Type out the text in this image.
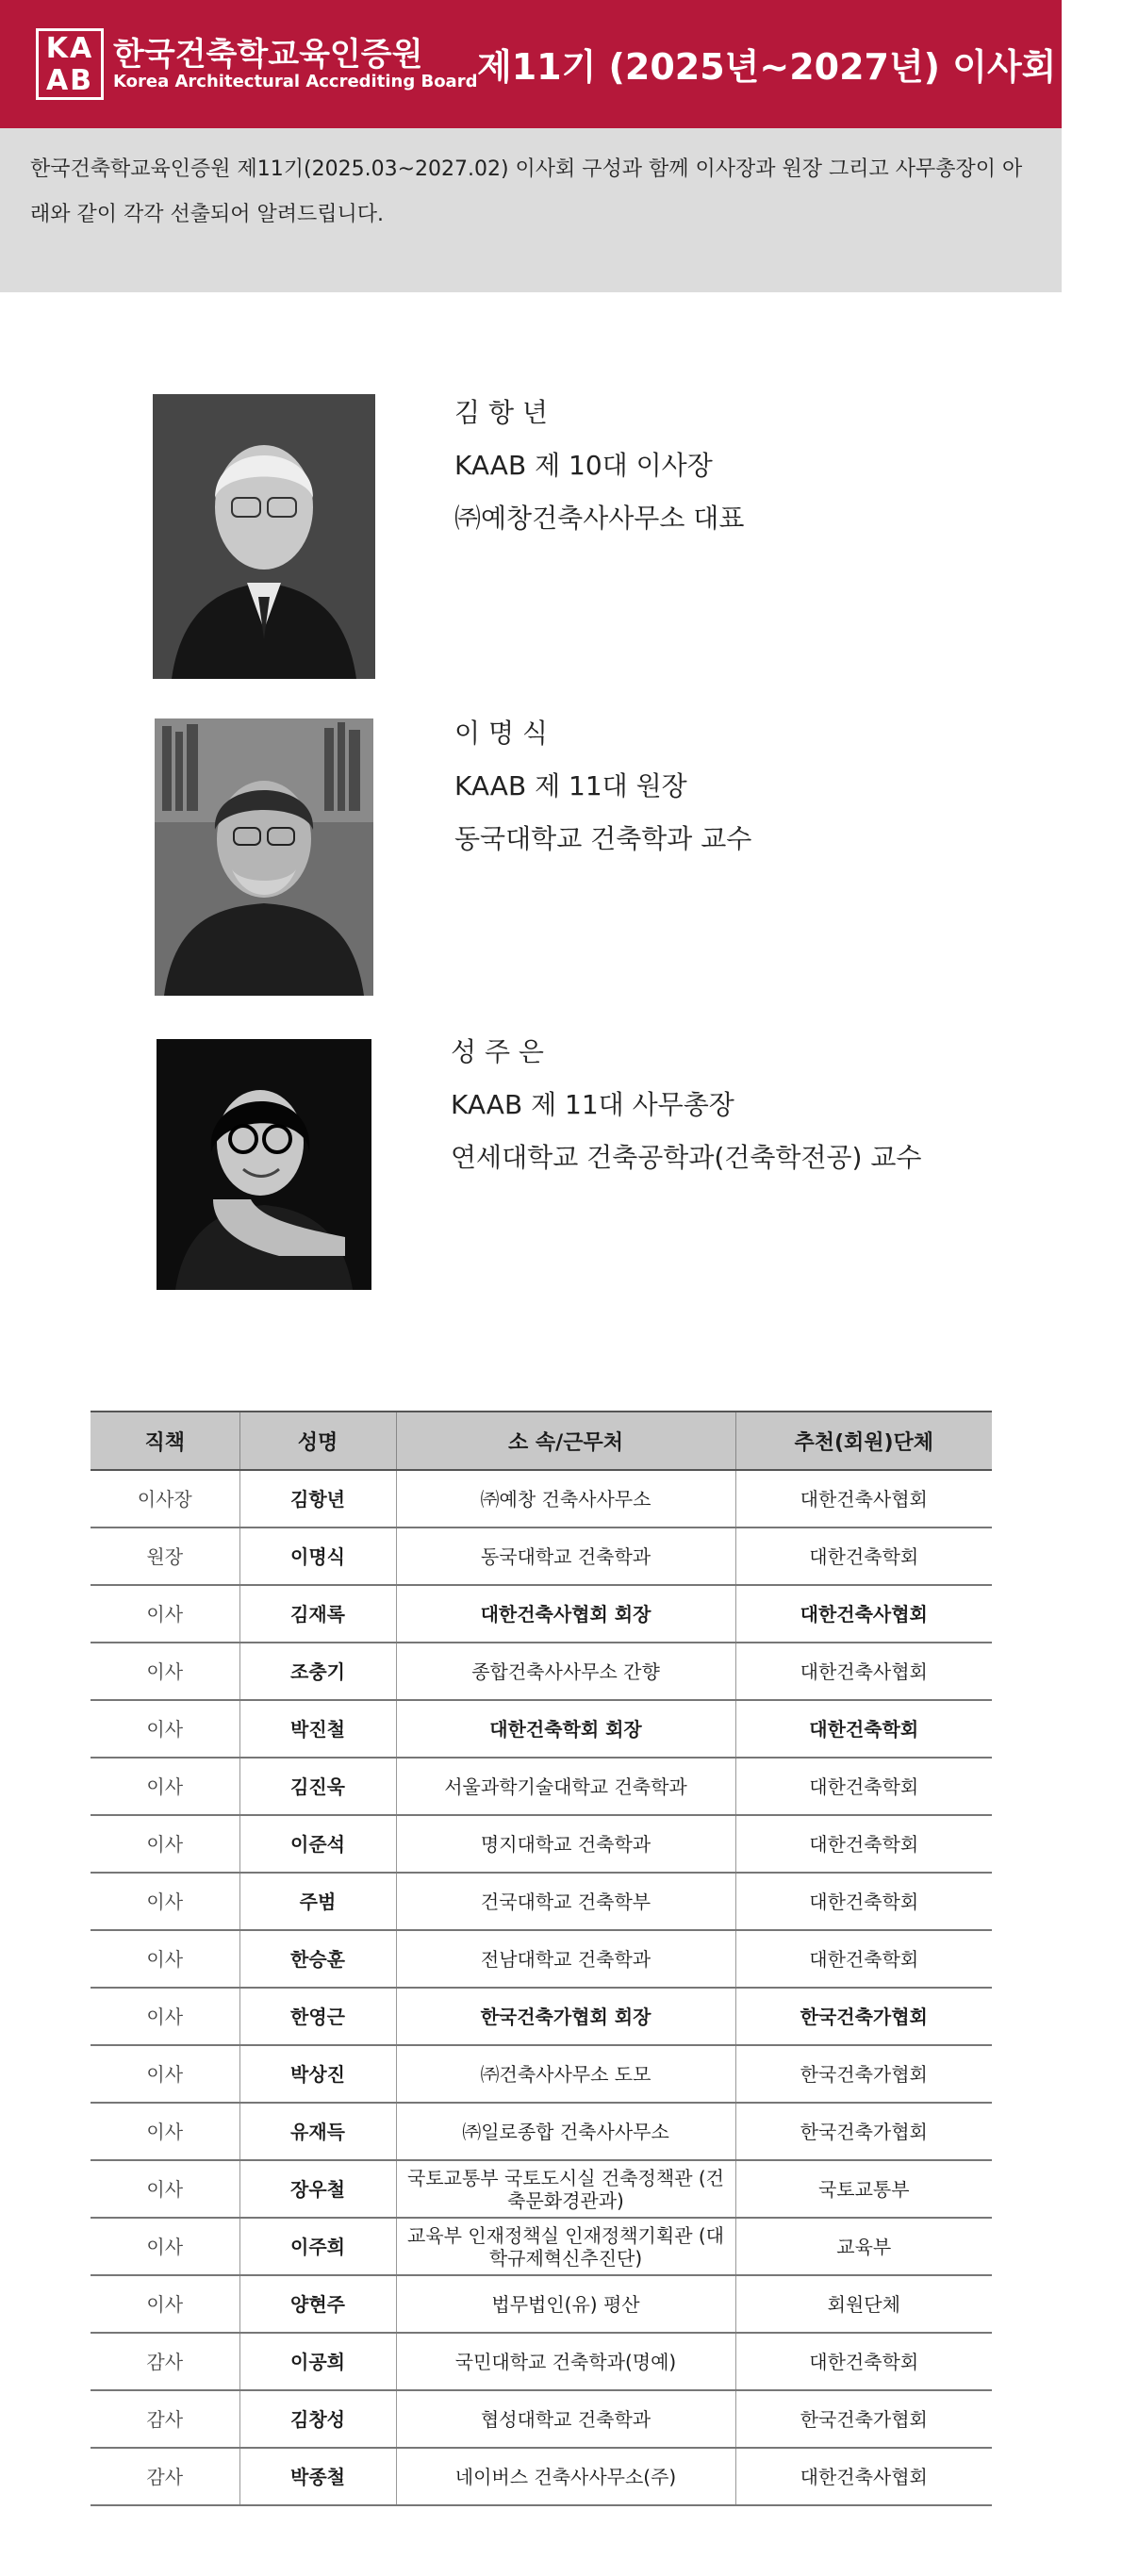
KA
AB
한국건축학교육인증원
Korea Architectural Accrediting Board 제11기 (2025년~2027년) 이사회 출범

한국건축학교육인증원 제11기(2025.03~2027.02) 이사회 구성과 함께 이사장과 원장 그리고 사무총장이 아래와 같이 각각 선출되어 알려드립니다.

김 항 년
KAAB 제 10대 이사장
㈜예창건축사사무소 대표
이 명 식
KAAB 제 11대 원장
동국대학교 건축학과 교수
성 주 은
KAAB 제 11대 사무총장
연세대학교 건축공학과(건축학전공) 교수
직책	성명	소 속/근무처	추천(회원)단체
이사장	김항년	㈜예창 건축사사무소	대한건축사협회
원장	이명식	동국대학교 건축학과	대한건축학회
이사	김재록	대한건축사협회 회장	대한건축사협회
이사	조충기	종합건축사사무소 간향	대한건축사협회
이사	박진철	대한건축학회 회장	대한건축학회
이사	김진욱	서울과학기술대학교 건축학과	대한건축학회
이사	이준석	명지대학교 건축학과	대한건축학회
이사	주범	건국대학교 건축학부	대한건축학회
이사	한승훈	전남대학교 건축학과	대한건축학회
이사	한영근	한국건축가협회 회장	한국건축가협회
이사	박상진	㈜건축사사무소 도모	한국건축가협회
이사	유재득	㈜일로종합 건축사사무소	한국건축가협회
이사	장우철	국토교통부 국토도시실 건축정책관 (건축문화경관과)	국토교통부
이사	이주희	교육부 인재정책실 인재정책기획관 (대학규제혁신추진단)	교육부
이사	양현주	법무법인(유) 평산	회원단체
감사	이공희	국민대학교 건축학과(명예)	대한건축학회
감사	김창성	협성대학교 건축학과	한국건축가협회
감사	박종철	네이버스 건축사사무소(주)	대한건축사협회
